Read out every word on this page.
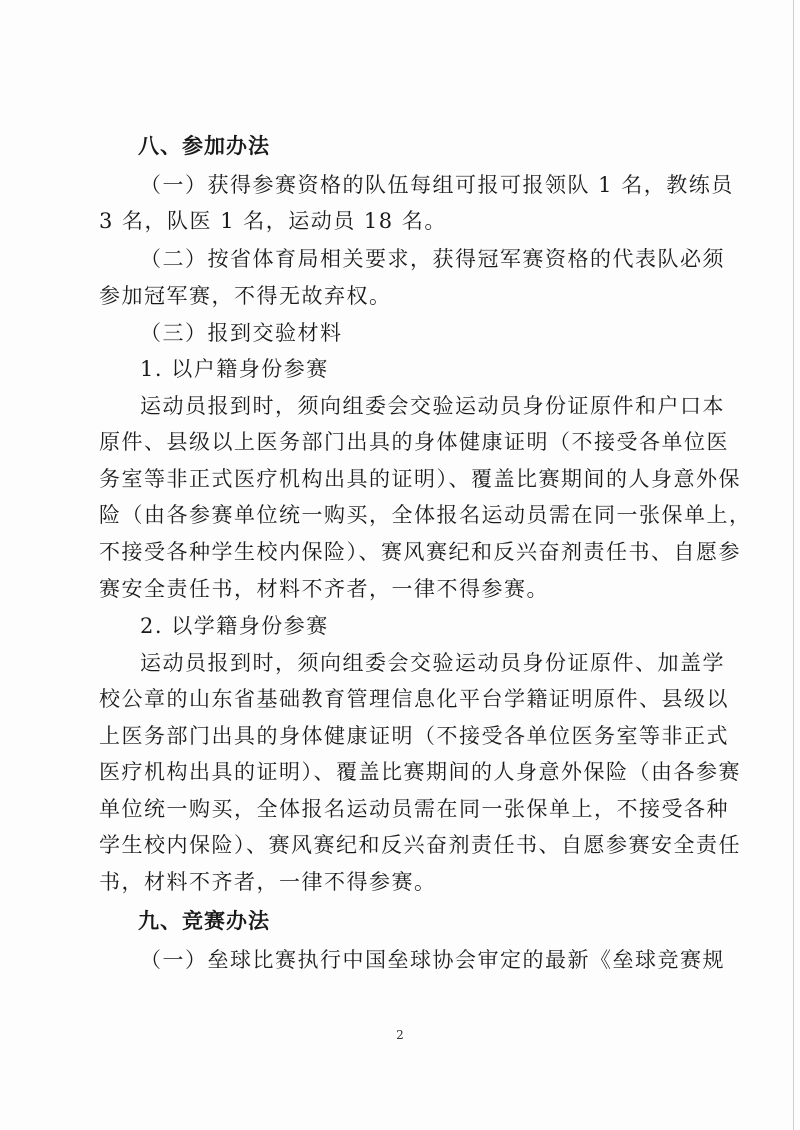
八、参加办法
（一）获得参赛资格的队伍每组可报可报领队 1 名，教练员
3 名，队医 1 名，运动员 18 名。
（二）按省体育局相关要求，获得冠军赛资格的代表队必须
参加冠军赛，不得无故弃权。
（三）报到交验材料
1. 以户籍身份参赛
运动员报到时，须向组委会交验运动员身份证原件和户口本
原件、县级以上医务部门出具的身体健康证明（不接受各单位医
务室等非正式医疗机构出具的证明）、覆盖比赛期间的人身意外保
险（由各参赛单位统一购买，全体报名运动员需在同一张保单上，
不接受各种学生校内保险）、赛风赛纪和反兴奋剂责任书、自愿参
赛安全责任书，材料不齐者，一律不得参赛。
2. 以学籍身份参赛
运动员报到时，须向组委会交验运动员身份证原件、加盖学
校公章的山东省基础教育管理信息化平台学籍证明原件、县级以
上医务部门出具的身体健康证明（不接受各单位医务室等非正式
医疗机构出具的证明）、覆盖比赛期间的人身意外保险（由各参赛
单位统一购买，全体报名运动员需在同一张保单上，不接受各种
学生校内保险）、赛风赛纪和反兴奋剂责任书、自愿参赛安全责任
书，材料不齐者，一律不得参赛。
九、竞赛办法
（一）垒球比赛执行中国垒球协会审定的最新《垒球竞赛规
2
